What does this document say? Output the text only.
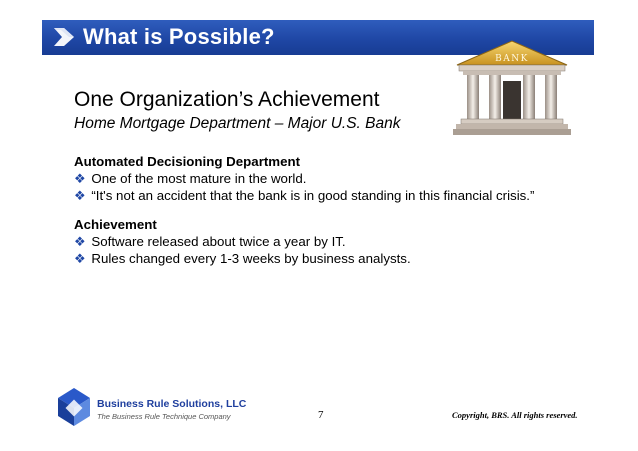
What is Possible?
BANK
One Organization’s Achievement
Home Mortgage Department – Major U.S. Bank
Automated Decisioning Department
❖ One of the most mature in the world.
❖ “It's not an accident that the bank is in good standing in this financial crisis.”
Achievement
❖ Software released about twice a year by IT.
❖ Rules changed every 1-3 weeks by business analysts.
Business Rule Solutions, LLC
The Business Rule Technique Company	7	Copyright, BRS. All rights reserved.
